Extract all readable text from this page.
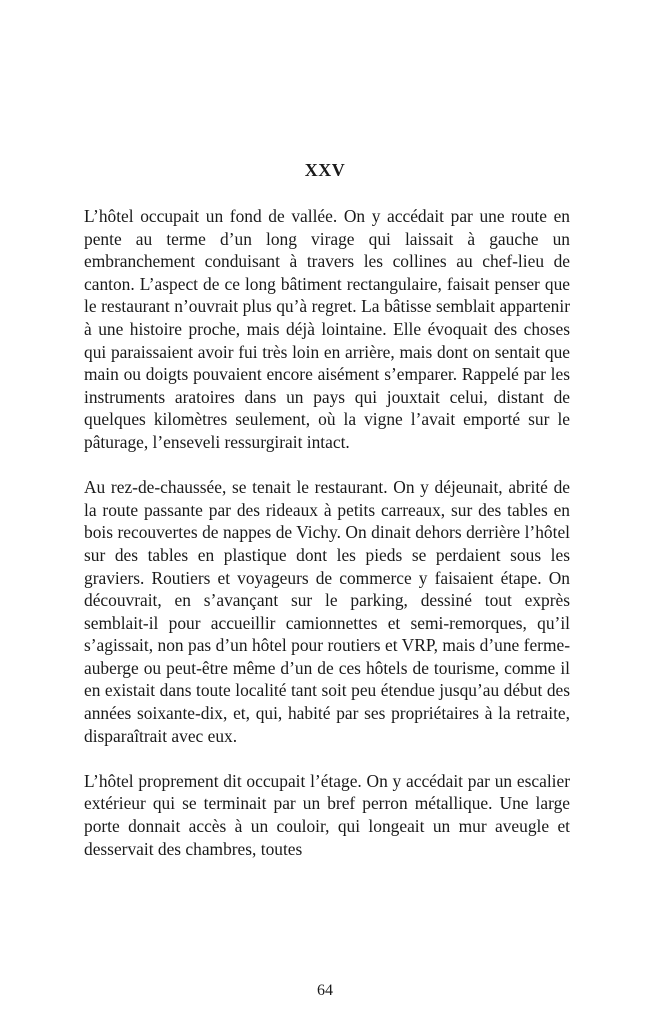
XXV

L’hôtel occupait un fond de vallée. On y accédait par une route en pente au terme d’un long virage qui laissait à gauche un embranchement conduisant à travers les collines au chef-lieu de canton. L’aspect de ce long bâtiment rectangulaire, faisait penser que le restaurant n’ouvrait plus qu’à regret. La bâtisse semblait appartenir à une histoire proche, mais déjà lointaine. Elle évoquait des choses qui paraissaient avoir fui très loin en arrière, mais dont on sentait que main ou doigts pouvaient encore aisément s’emparer. Rappelé par les instruments aratoires dans un pays qui jouxtait celui, distant de quelques kilomètres seulement, où la vigne l’avait emporté sur le pâturage, l’enseveli ressurgirait intact.

Au rez-de-chaussée, se tenait le restaurant. On y déjeunait, abrité de la route passante par des rideaux à petits carreaux, sur des tables en bois recouvertes de nappes de Vichy. On dinait dehors derrière l’hôtel sur des tables en plastique dont les pieds se perdaient sous les graviers. Routiers et voyageurs de commerce y faisaient étape. On découvrait, en s’avançant sur le parking, dessiné tout exprès semblait-il pour accueillir camionnettes et semi-remorques, qu’il s’agissait, non pas d’un hôtel pour routiers et VRP, mais d’une ferme-auberge ou peut-être même d’un de ces hôtels de tourisme, comme il en existait dans toute localité tant soit peu étendue jusqu’au début des années soixante-dix, et, qui, habité par ses propriétaires à la retraite, disparaîtrait avec eux.

L’hôtel proprement dit occupait l’étage. On y accédait par un escalier extérieur qui se terminait par un bref perron métallique. Une large porte donnait accès à un couloir, qui longeait un mur aveugle et desservait des chambres, toutes

64
